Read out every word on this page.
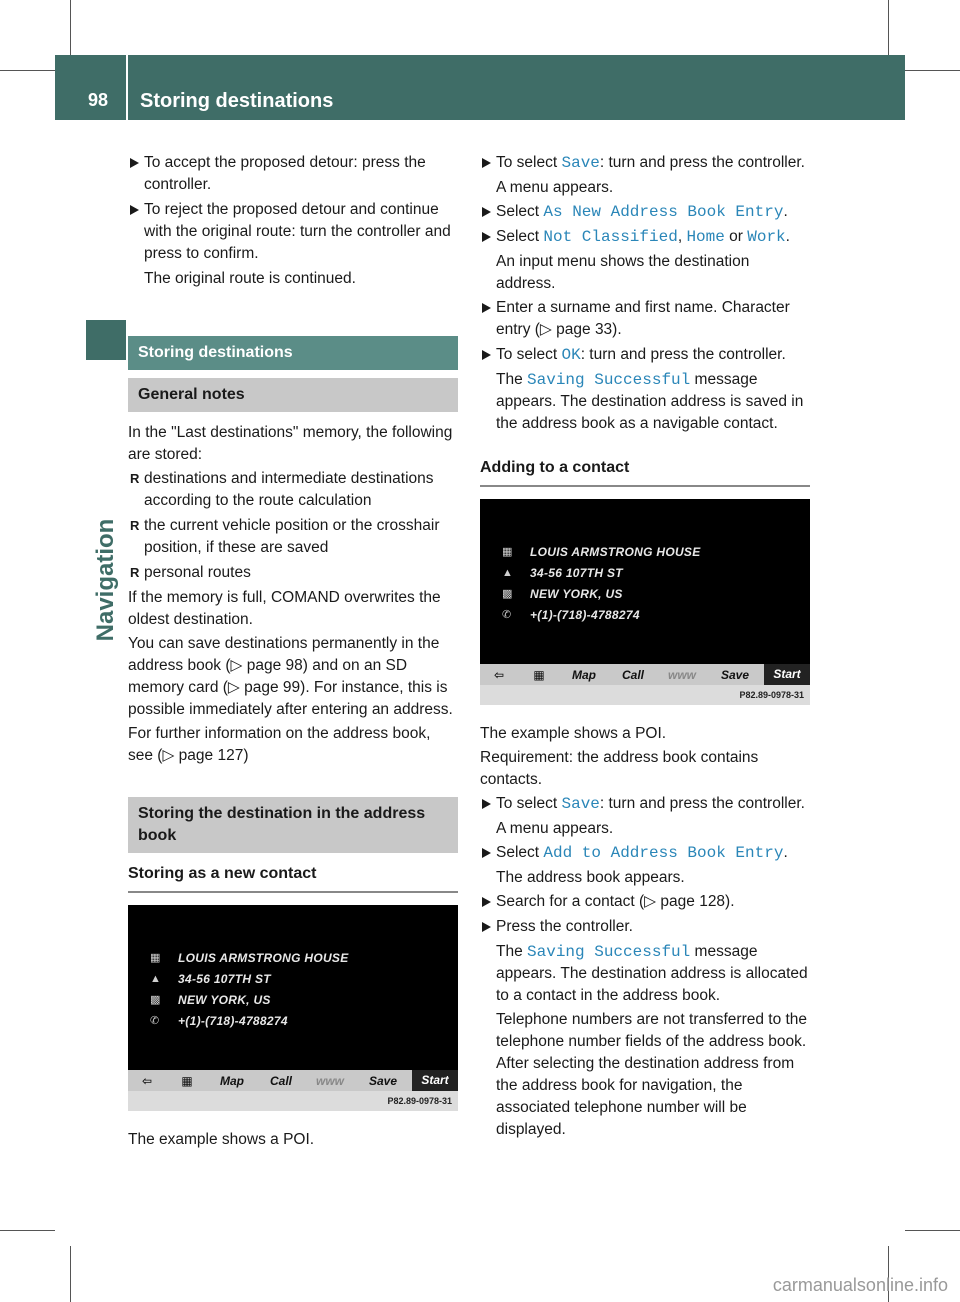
98 Storing destinations
Navigation
To accept the proposed detour: press the controller.
To reject the proposed detour and continue with the original route: turn the controller and press to confirm.

The original route is continued.

Storing destinations
General notes

In the "Last destinations" memory, the following are stored:

R destinations and intermediate destinations according to the route calculation
R the current vehicle position or the crosshair position, if these are saved
R personal routes

If the memory is full, COMAND overwrites the oldest destination.

You can save destinations permanently in the address book (▷ page 98) and on an SD memory card (▷ page 99). For instance, this is possible immediately after entering an address.

For further information on the address book, see (▷ page 127)

Storing the destination in the address book
Storing as a new contact
▦	LOUIS ARMSTRONG HOUSE
▲	34-56 107TH ST
▩	NEW YORK, US
✆	+(1)-(718)-4788274
⇦	▦	Map	Call	www	Save	Start
P82.89-0978-31

The example shows a POI.

To select Save: turn and press the controller.

A menu appears.

Select As New Address Book Entry.
Select Not Classified, Home or Work.

An input menu shows the destination address.

Enter a surname and first name. Character entry (▷ page 33).
To select OK: turn and press the controller.

The Saving Successful message appears. The destination address is saved in the address book as a navigable contact.

Adding to a contact
▦	LOUIS ARMSTRONG HOUSE
▲	34-56 107TH ST
▩	NEW YORK, US
✆	+(1)-(718)-4788274
⇦	▦	Map	Call	www	Save	Start
P82.89-0978-31

The example shows a POI.

Requirement: the address book contains contacts.

To select Save: turn and press the controller.

A menu appears.

Select Add to Address Book Entry.

The address book appears.

Search for a contact (▷ page 128).
Press the controller.

The Saving Successful message appears. The destination address is allocated to a contact in the address book.

Telephone numbers are not transferred to the telephone number fields of the address book. After selecting the destination address from the address book for navigation, the associated telephone number will be displayed.

carmanualsonline.info
